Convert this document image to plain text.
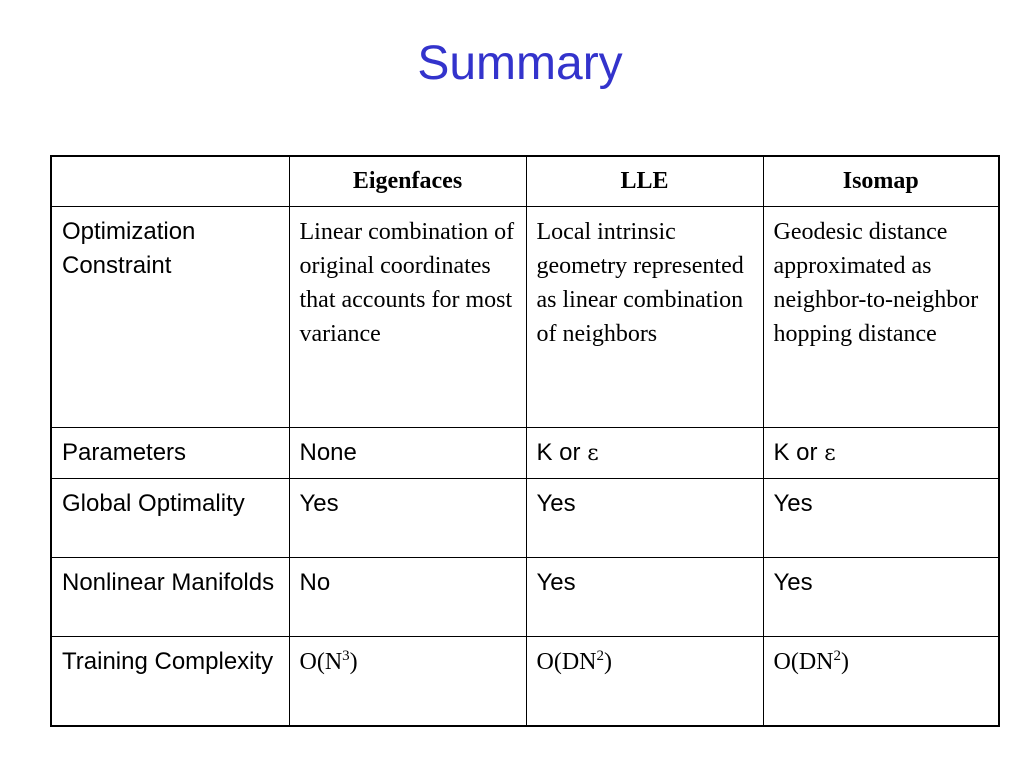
Summary
	Eigenfaces	LLE	Isomap
Optimization Constraint	Linear combination of original coordinates that accounts for most variance	Local intrinsic geometry represented as linear combination of neighbors	Geodesic distance approximated as neighbor-to-neighbor hopping distance
Parameters	None	K or ε	K or ε
Global Optimality	Yes	Yes	Yes
Nonlinear Manifolds	No	Yes	Yes
Training Complexity	$O(N^3)$	$O(DN^2)$	$O(DN^2)$
